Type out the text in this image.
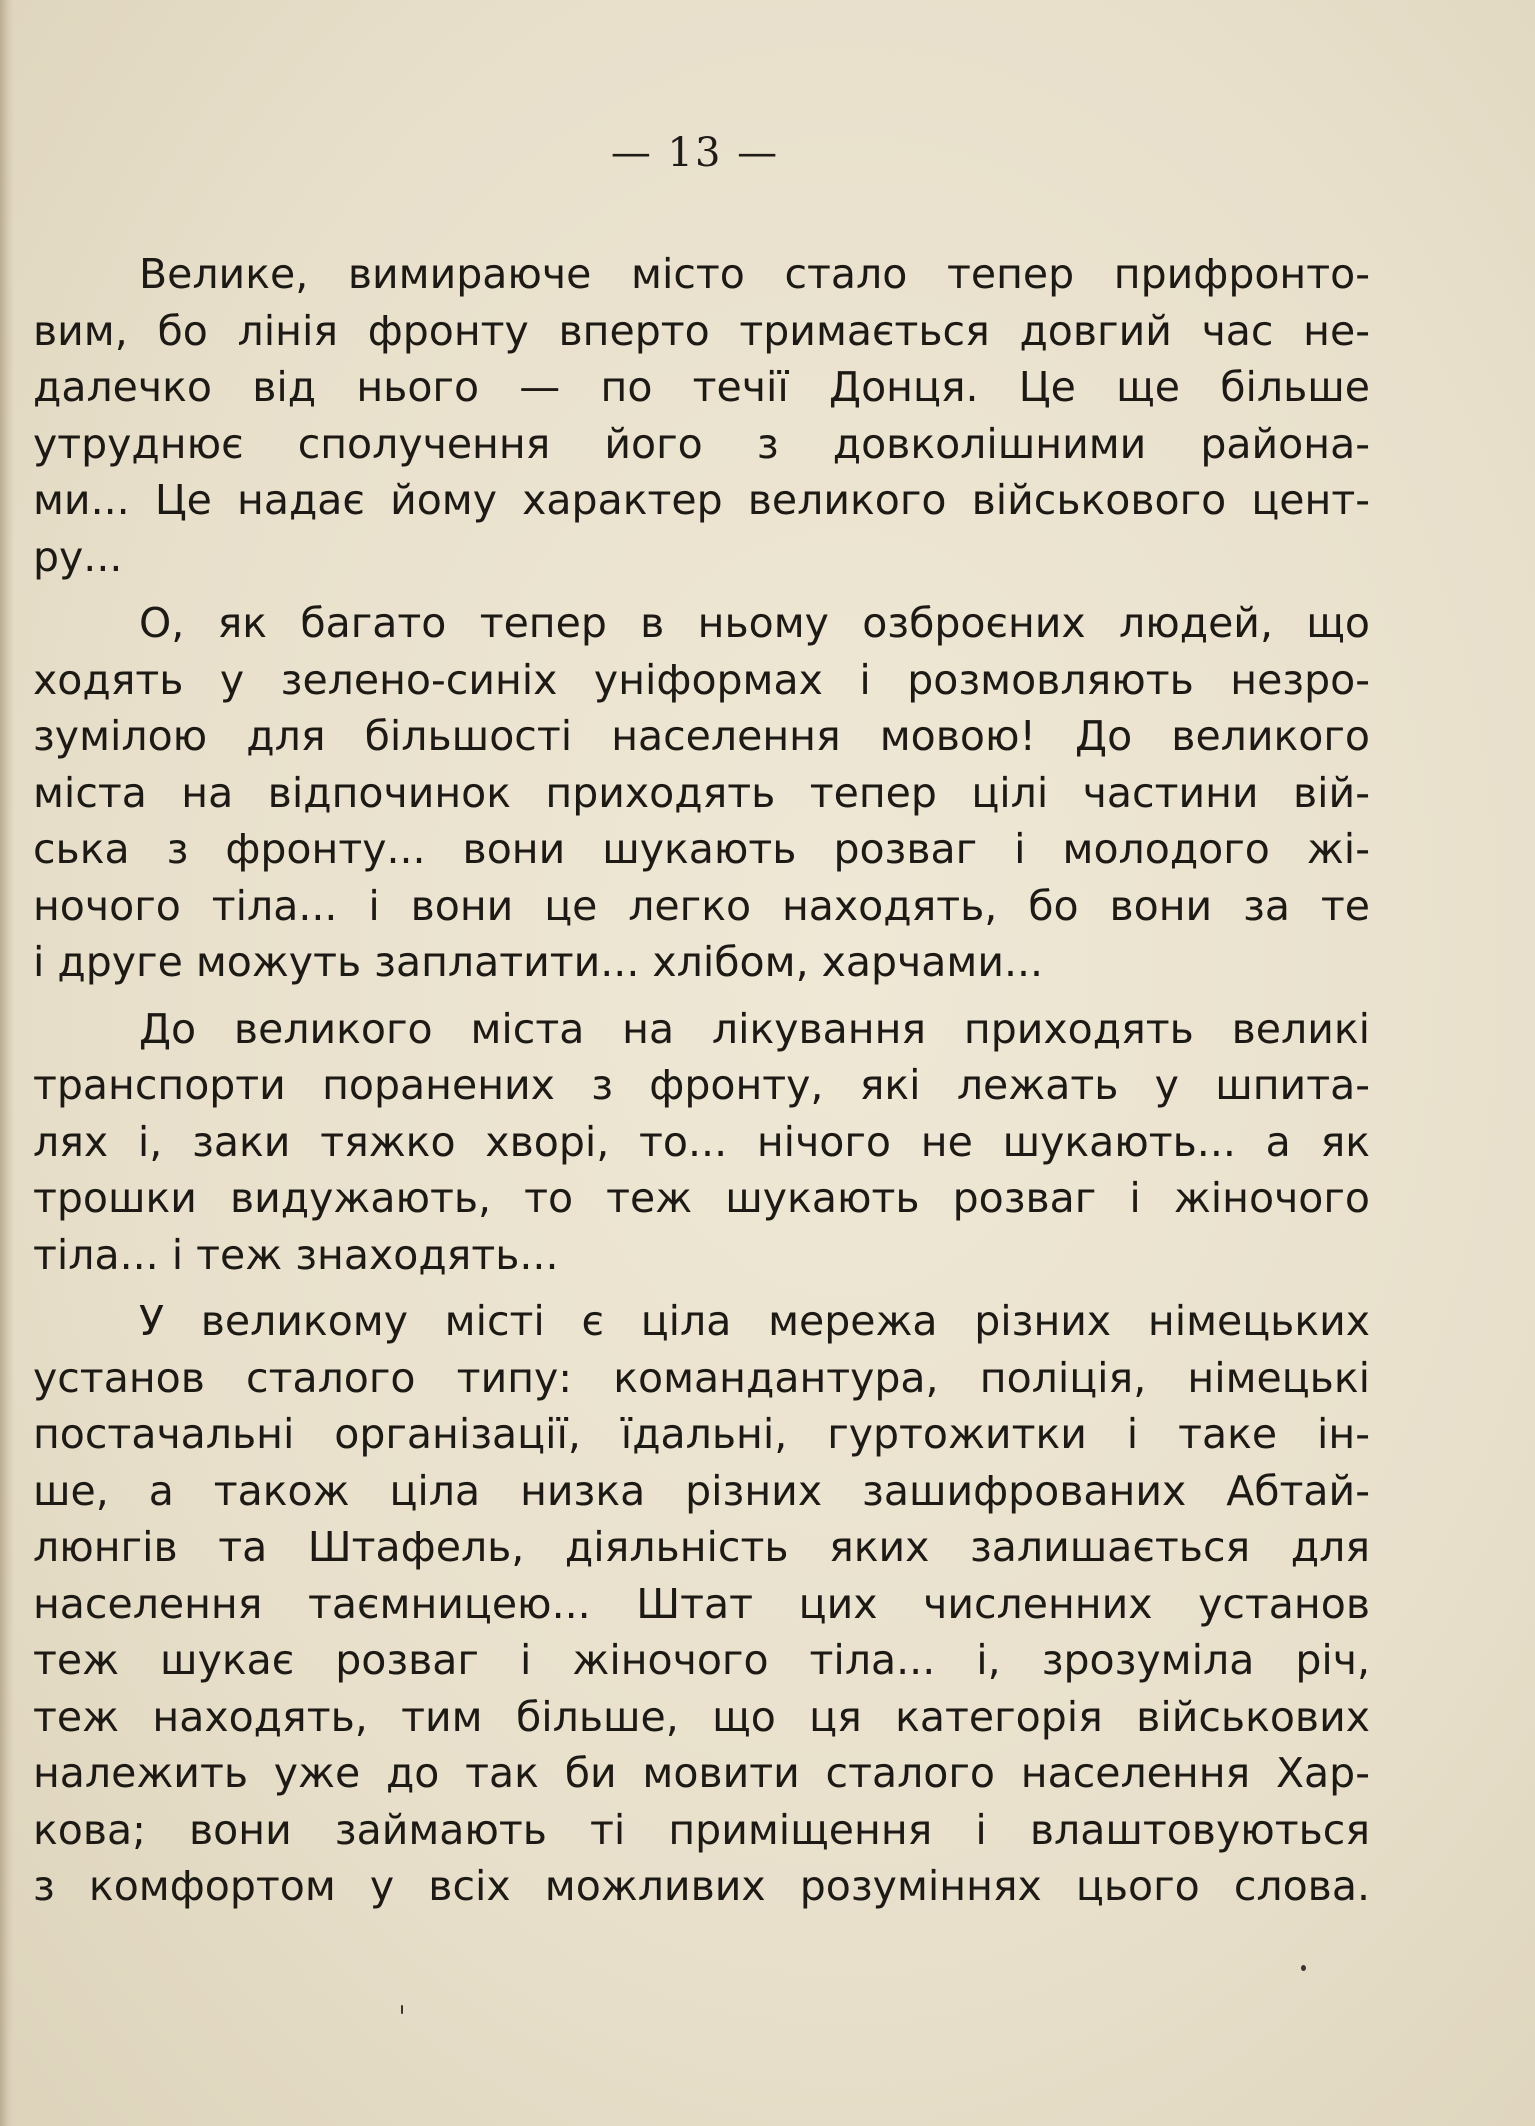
— 13 —
Велике, вимираюче місто стало тепер прифронто-
вим, бо лінія фронту вперто тримається довгий час не-
далечко від нього — по течії Донця. Це ще більше
утруднює сполучення його з довколішними района-
ми... Це надає йому характер великого військового цент-
ру...
О, як багато тепер в ньому озброєних людей, що
ходять у зелено-синіх уніформах і розмовляють незро-
зумілою для більшості населення мовою! До великого
міста на відпочинок приходять тепер цілі частини вій-
ська з фронту... вони шукають розваг і молодого жі-
ночого тіла... і вони це легко находять, бо вони за те
і друге можуть заплатити... хлібом, харчами...
До великого міста на лікування приходять великі
транспорти поранених з фронту, які лежать у шпита-
лях і, заки тяжко хворі, то... нічого не шукають... а як
трошки видужають, то теж шукають розваг і жіночого
тіла... і теж знаходять...
У великому місті є ціла мережа різних німецьких
установ сталого типу: командантура, поліція, німецькі
постачальні організації, їдальні, гуртожитки і таке ін-
ше, а також ціла низка різних зашифрованих Абтай-
люнгів та Штафель, діяльність яких залишається для
населення таємницею... Штат цих численних установ
теж шукає розваг і жіночого тіла... і, зрозуміла річ,
теж находять, тим більше, що ця категорія військових
належить уже до так би мовити сталого населення Хар-
кова; вони займають ті приміщення і влаштовуються
з комфортом у всіх можливих розуміннях цього слова.
